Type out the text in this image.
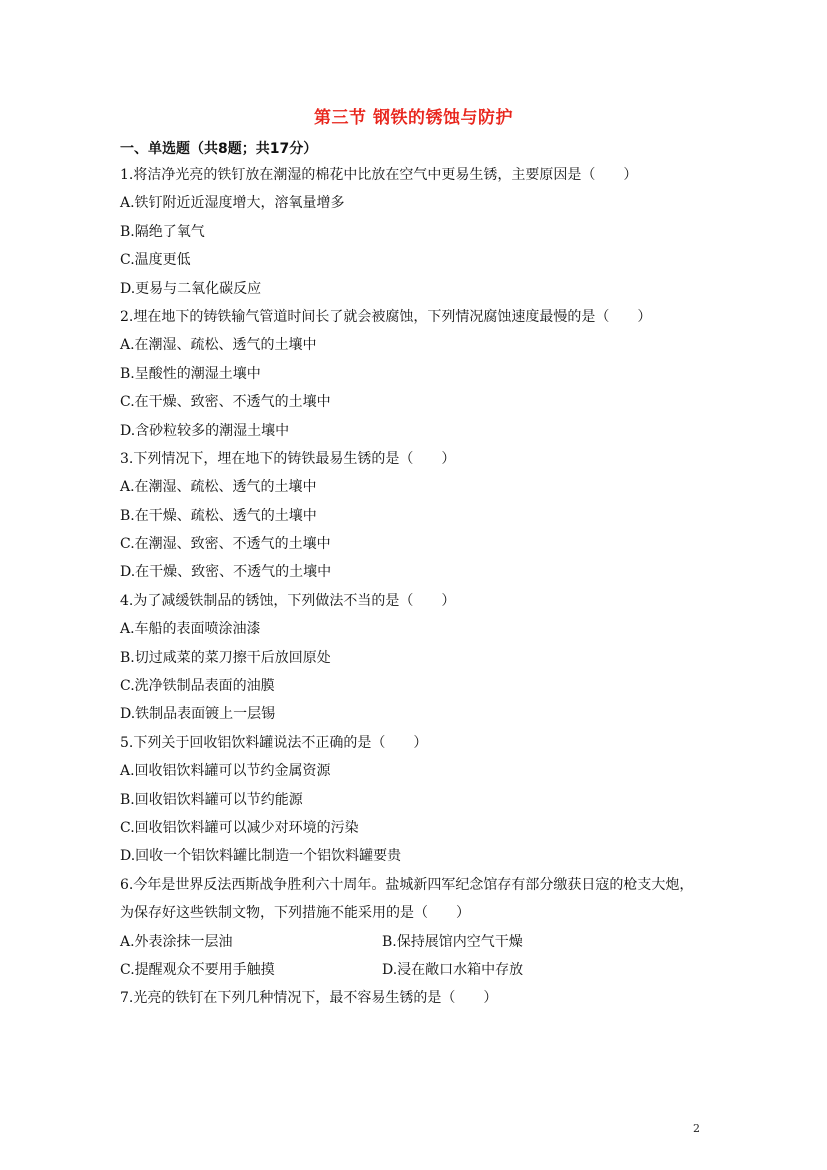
第三节 钢铁的锈蚀与防护
一、单选题（共8题；共17分）
1.将洁净光亮的铁钉放在潮湿的棉花中比放在空气中更易生锈，主要原因是（　　）
A.铁钉附近近湿度增大，溶氧量增多
B.隔绝了氧气
C.温度更低
D.更易与二氧化碳反应
2.埋在地下的铸铁输气管道时间长了就会被腐蚀，下列情况腐蚀速度最慢的是（　　）
A.在潮湿、疏松、透气的土壤中
B.呈酸性的潮湿土壤中
C.在干燥、致密、不透气的土壤中
D.含砂粒较多的潮湿土壤中
3.下列情况下，埋在地下的铸铁最易生锈的是（　　）
A.在潮湿、疏松、透气的土壤中
B.在干燥、疏松、透气的土壤中
C.在潮湿、致密、不透气的土壤中
D.在干燥、致密、不透气的土壤中
4.为了减缓铁制品的锈蚀，下列做法不当的是（　　）
A.车船的表面喷涂油漆
B.切过咸菜的菜刀擦干后放回原处
C.洗净铁制品表面的油膜
D.铁制品表面镀上一层锡
5.下列关于回收铝饮料罐说法不正确的是（　　）
A.回收铝饮料罐可以节约金属资源
B.回收铝饮料罐可以节约能源
C.回收铝饮料罐可以减少对环境的污染
D.回收一个铝饮料罐比制造一个铝饮料罐要贵
6.今年是世界反法西斯战争胜利六十周年。盐城新四军纪念馆存有部分缴获日寇的枪支大炮，
为保存好这些铁制文物，下列措施不能采用的是（　　）
A.外表涂抹一层油	B.保持展馆内空气干燥
C.提醒观众不要用手触摸	D.浸在敞口水箱中存放
7.光亮的铁钉在下列几种情况下，最不容易生锈的是（　　）
2
